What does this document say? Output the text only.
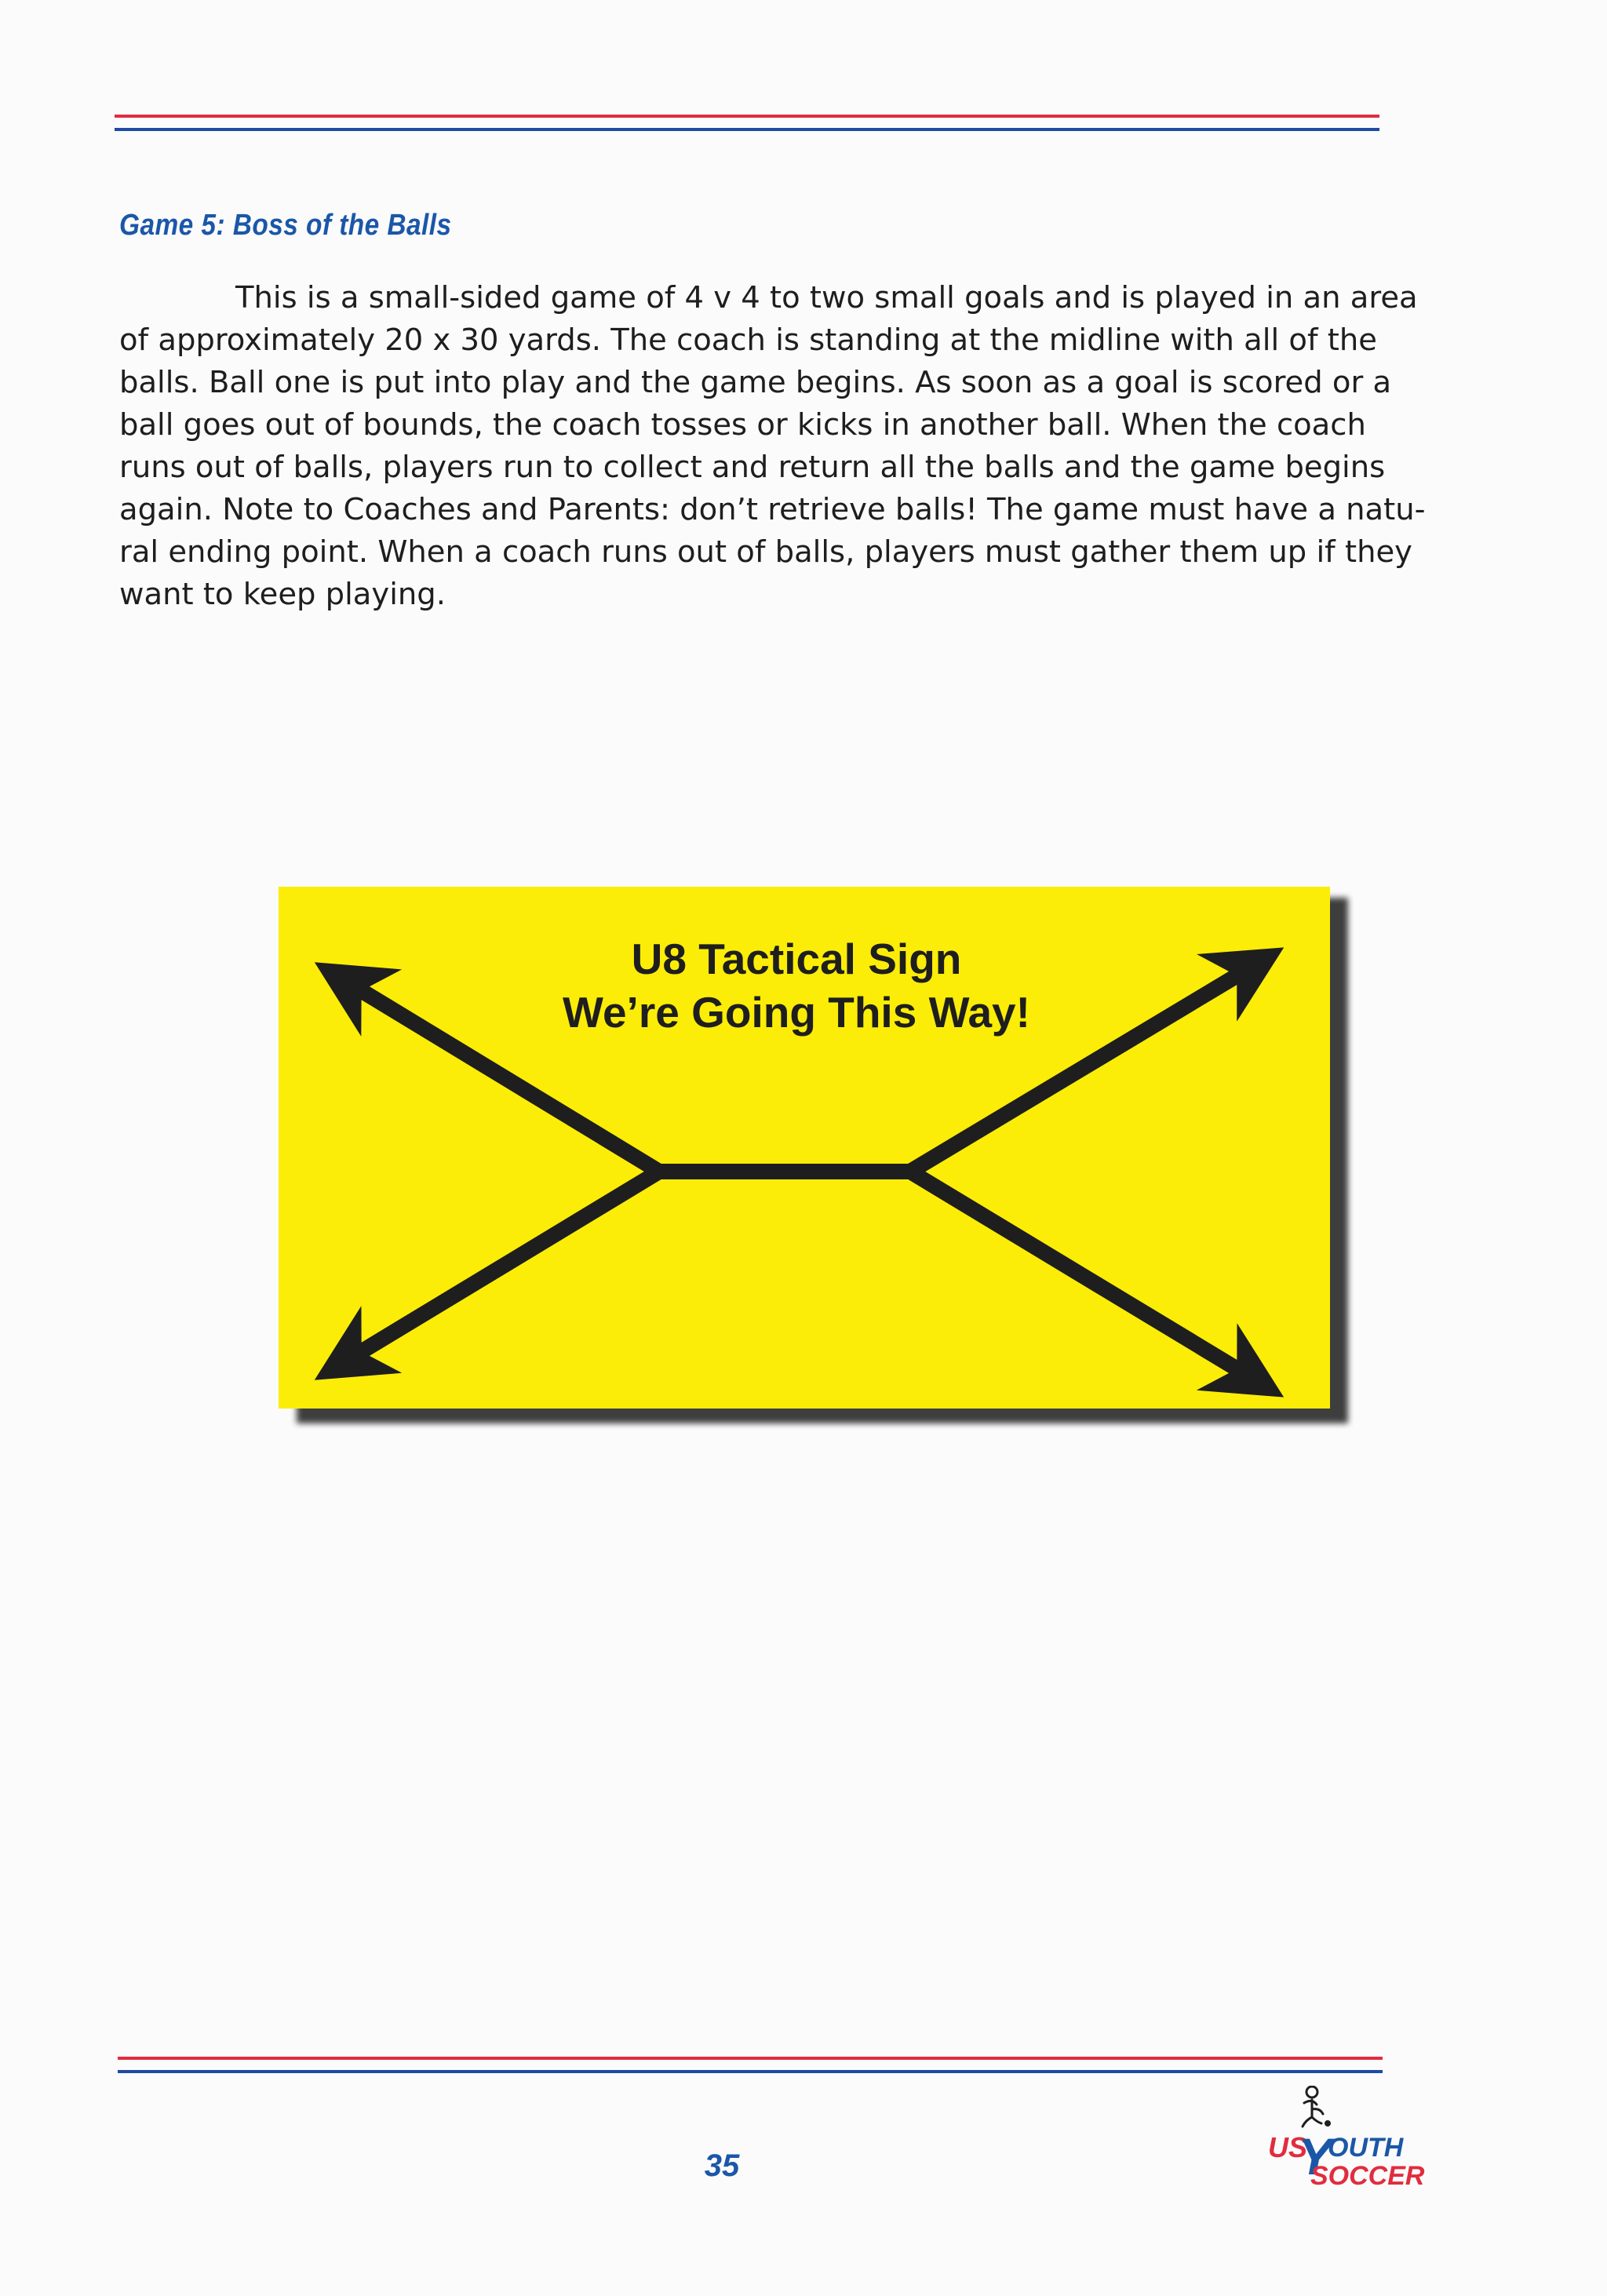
Game 5: Boss of the Balls
This is a small-sided game of 4 v 4 to two small goals and is played in an area
of approximately 20 x 30 yards. The coach is standing at the midline with all of the
balls. Ball one is put into play and the game begins. As soon as a goal is scored or a
ball goes out of bounds, the coach tosses or kicks in another ball. When the coach
runs out of balls, players run to collect and return all the balls and the game begins
again. Note to Coaches and Parents: don’t retrieve balls! The game must have a natu-
ral ending point. When a coach runs out of balls, players must gather them up if they
want to keep playing.
U8 Tactical Sign
We’re Going This Way!
35
US
Y
OUTH
SOCCER
